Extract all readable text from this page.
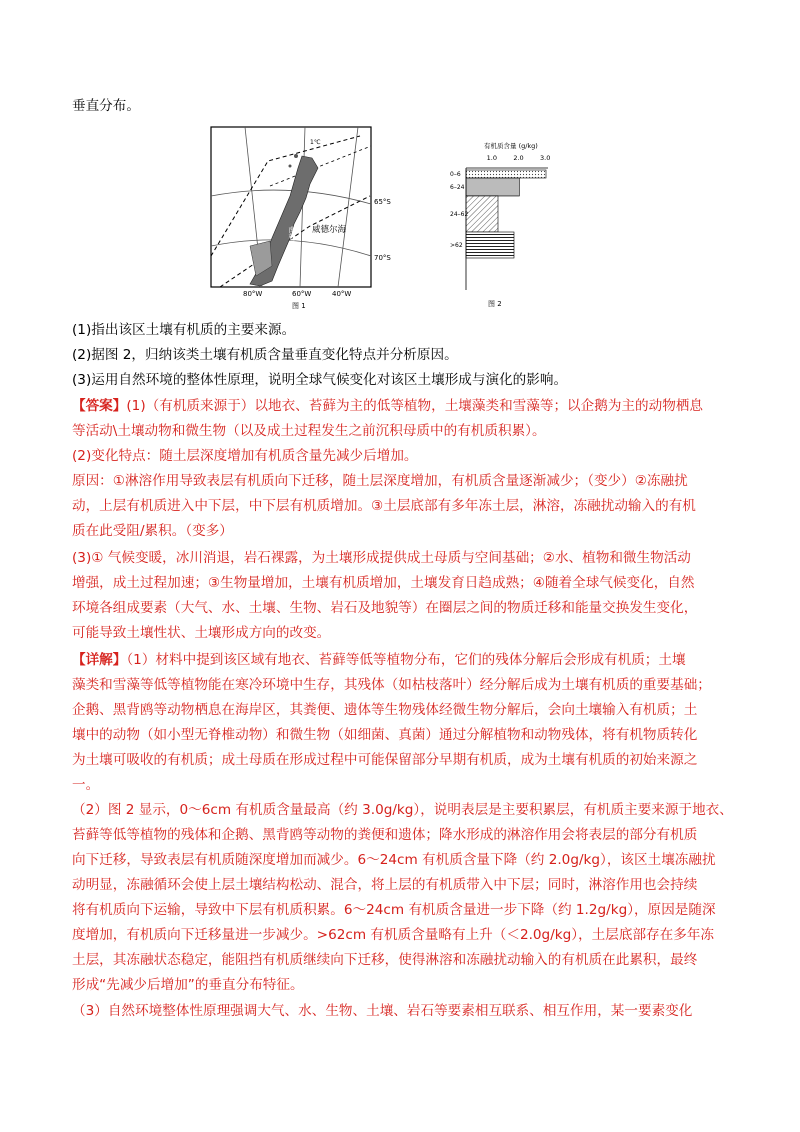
垂直分布。
1℃
威德尔海
南极半岛
65°S
70°S
80°W	60°W	40°W
图 1
有机质含量 (g/kg)
1.0	2.0	3.0
0–6
6–24
24–62
>62
图 2
(1)指出该区土壤有机质的主要来源。
(2)据图 2，归纳该类土壤有机质含量垂直变化特点并分析原因。
(3)运用自然环境的整体性原理，说明全球气候变化对该区土壤形成与演化的影响。
【答案】(1)（有机质来源于）以地衣、苔藓为主的低等植物，土壤藻类和雪藻等；以企鹅为主的动物栖息
等活动\土壤动物和微生物（以及成土过程发生之前沉积母质中的有机质积累）。
(2)变化特点：随土层深度增加有机质含量先减少后增加。
原因：①淋溶作用导致表层有机质向下迁移，随土层深度增加，有机质含量逐渐减少；（变少）②冻融扰
动，上层有机质进入中下层，中下层有机质增加。③土层底部有多年冻土层，淋溶，冻融扰动输入的有机
质在此受阻/累积。（变多）
(3)① 气候变暖，冰川消退，岩石裸露，为土壤形成提供成土母质与空间基础；②水、植物和微生物活动
增强，成土过程加速；③生物量增加，土壤有机质增加，土壤发育日趋成熟；④随着全球气候变化，自然
环境各组成要素（大气、水、土壤、生物、岩石及地貌等）在圈层之间的物质迁移和能量交换发生变化，
可能导致土壤性状、土壤形成方向的改变。
【详解】（1）材料中提到该区域有地衣、苔藓等低等植物分布，它们的残体分解后会形成有机质；土壤
藻类和雪藻等低等植物能在寒冷环境中生存，其残体（如枯枝落叶）经分解后成为土壤有机质的重要基础；
企鹅、黑背鸥等动物栖息在海岸区，其粪便、遗体等生物残体经微生物分解后，会向土壤输入有机质；土
壤中的动物（如小型无脊椎动物）和微生物（如细菌、真菌）通过分解植物和动物残体，将有机物质转化
为土壤可吸收的有机质；成土母质在形成过程中可能保留部分早期有机质，成为土壤有机质的初始来源之
一。
（2）图 2 显示，0～6cm 有机质含量最高（约 3.0g/kg），说明表层是主要积累层，有机质主要来源于地衣、
苔藓等低等植物的残体和企鹅、黑背鸥等动物的粪便和遗体；降水形成的淋溶作用会将表层的部分有机质
向下迁移，导致表层有机质随深度增加而减少。6～24cm 有机质含量下降（约 2.0g/kg），该区土壤冻融扰
动明显，冻融循环会使上层土壤结构松动、混合，将上层的有机质带入中下层；同时，淋溶作用也会持续
将有机质向下运输，导致中下层有机质积累。6～24cm 有机质含量进一步下降（约 1.2g/kg），原因是随深
度增加，有机质向下迁移量进一步减少。>62cm 有机质含量略有上升（＜2.0g/kg），土层底部存在多年冻
土层，其冻融状态稳定，能阻挡有机质继续向下迁移，使得淋溶和冻融扰动输入的有机质在此累积，最终
形成“先减少后增加”的垂直分布特征。
（3）自然环境整体性原理强调大气、水、生物、土壤、岩石等要素相互联系、相互作用，某一要素变化
